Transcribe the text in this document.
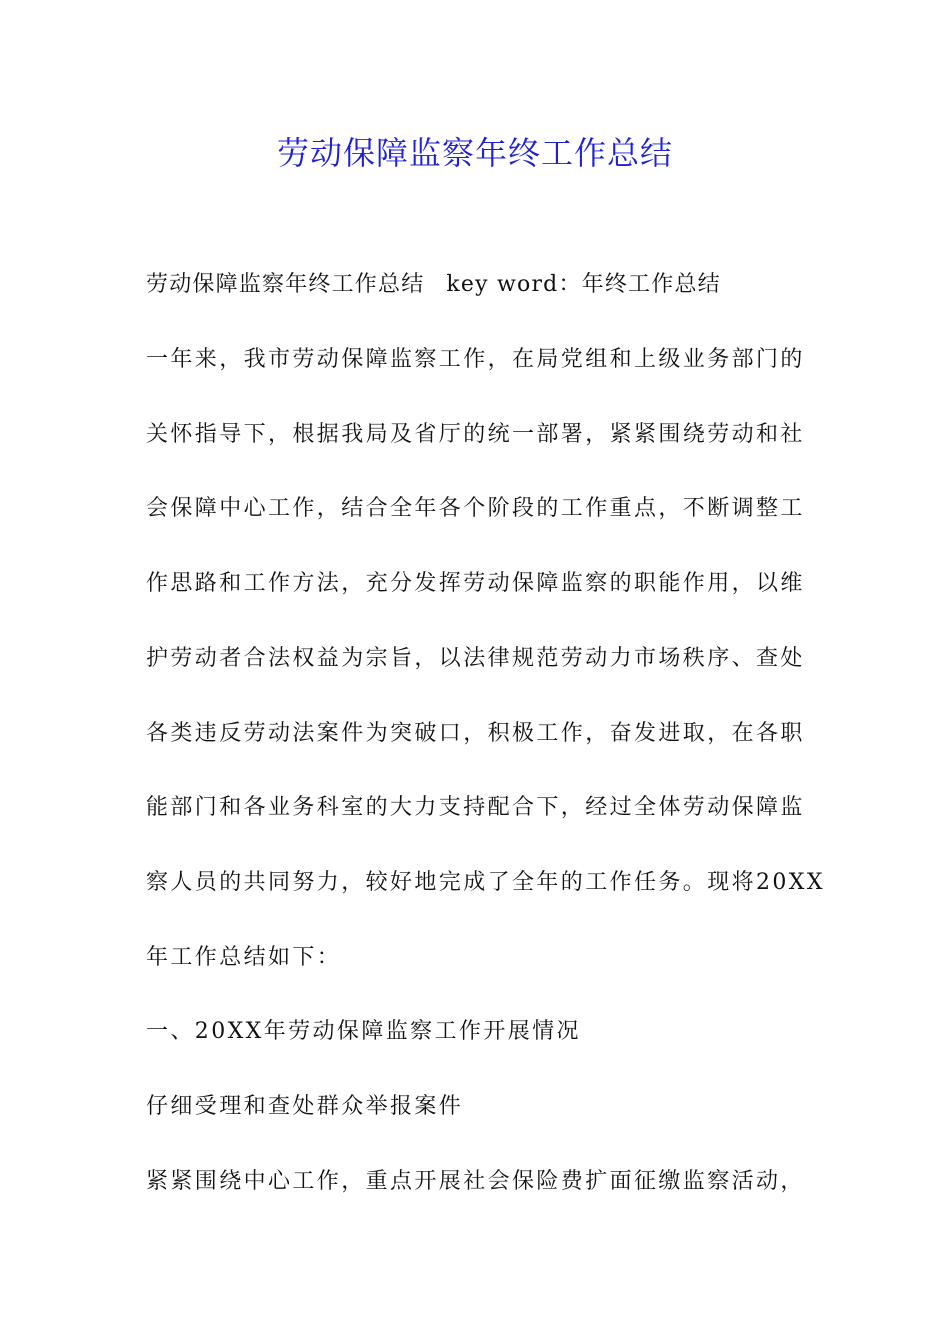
劳动保障监察年终工作总结
劳动保障监察年终工作总结 key word：年终工作总结
一年来，我市劳动保障监察工作，在局党组和上级业务部门的
关怀指导下，根据我局及省厅的统一部署，紧紧围绕劳动和社
会保障中心工作，结合全年各个阶段的工作重点，不断调整工
作思路和工作方法，充分发挥劳动保障监察的职能作用，以维
护劳动者合法权益为宗旨，以法律规范劳动力市场秩序、查处
各类违反劳动法案件为突破口，积极工作，奋发进取，在各职
能部门和各业务科室的大力支持配合下，经过全体劳动保障监
察人员的共同努力，较好地完成了全年的工作任务。现将20XX
年工作总结如下：
一、20XX年劳动保障监察工作开展情况
仔细受理和查处群众举报案件
紧紧围绕中心工作，重点开展社会保险费扩面征缴监察活动，
